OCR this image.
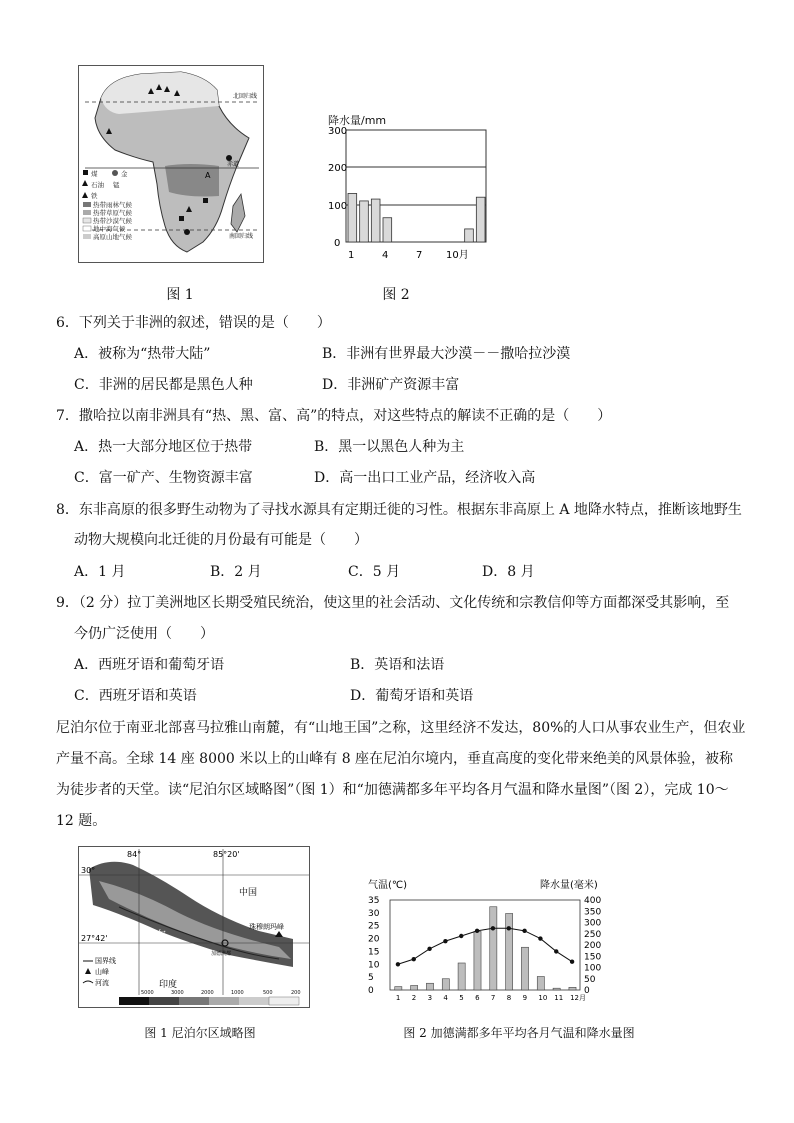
北回归线
赤道
南回归线
A
煤	金
石油 锰
铁
热带雨林气候
热带草原气候
热带沙漠气候
地中海气候
高原山地气候
图 1
降水量/mm
300
200
100
0
1	4	7 10月
图 2
6．下列关于非洲的叙述，错误的是（　　）
A．被称为“热带大陆”	B．非洲有世界最大沙漠－－撒哈拉沙漠
C．非洲的居民都是黑色人种	D．非洲矿产资源丰富
7．撒哈拉以南非洲具有“热、黑、富、高”的特点，对这些特点的解读不正确的是（　　）
A．热一大部分地区位于热带	B．黑一以黑色人种为主
C．富一矿产、生物资源丰富	D．高一出口工业产品，经济收入高
8．东非高原的很多野生动物为了寻找水源具有定期迁徙的习性。根据东非高原上 A 地降水特点，推断该地野生
动物大规模向北迁徙的月份最有可能是（　　）
A．1 月	B．2 月	C．5 月	D．8 月
9．（2 分）拉丁美洲地区长期受殖民统治，使这里的社会活动、文化传统和宗教信仰等方面都深受其影响，至
今仍广泛使用（　　）
A．西班牙语和葡萄牙语	B．英语和法语
C．西班牙语和英语	D．葡萄牙语和英语
尼泊尔位于南亚北部喜马拉雅山南麓，有“山地王国”之称，这里经济不发达，80%的人口从事农业生产，但农业产量不高。全球 14 座 8000 米以上的山峰有 8 座在尼泊尔境内，垂直高度的变化带来绝美的风景体验，被称为徒步者的天堂。读“尼泊尔区域略图”（图 1）和“加德满都多年平均各月气温和降水量图”（图 2），完成 10～12 题。
84°	85°20'
30°
27°42'
中国
尼　泊　尔
印度
珠穆朗玛峰
加德满都
国界线
山峰
河流
5000	3000	2000	1000	500	200
图 1 尼泊尔区域略图
气温(℃)	降水量(毫米)
35
30
25
20
15
10
5
0
400
350
300
250
200
150
100
50
0
1 2 3 4 5 6 7 8 9 10 11 12月
图 2 加德满都多年平均各月气温和降水量图
